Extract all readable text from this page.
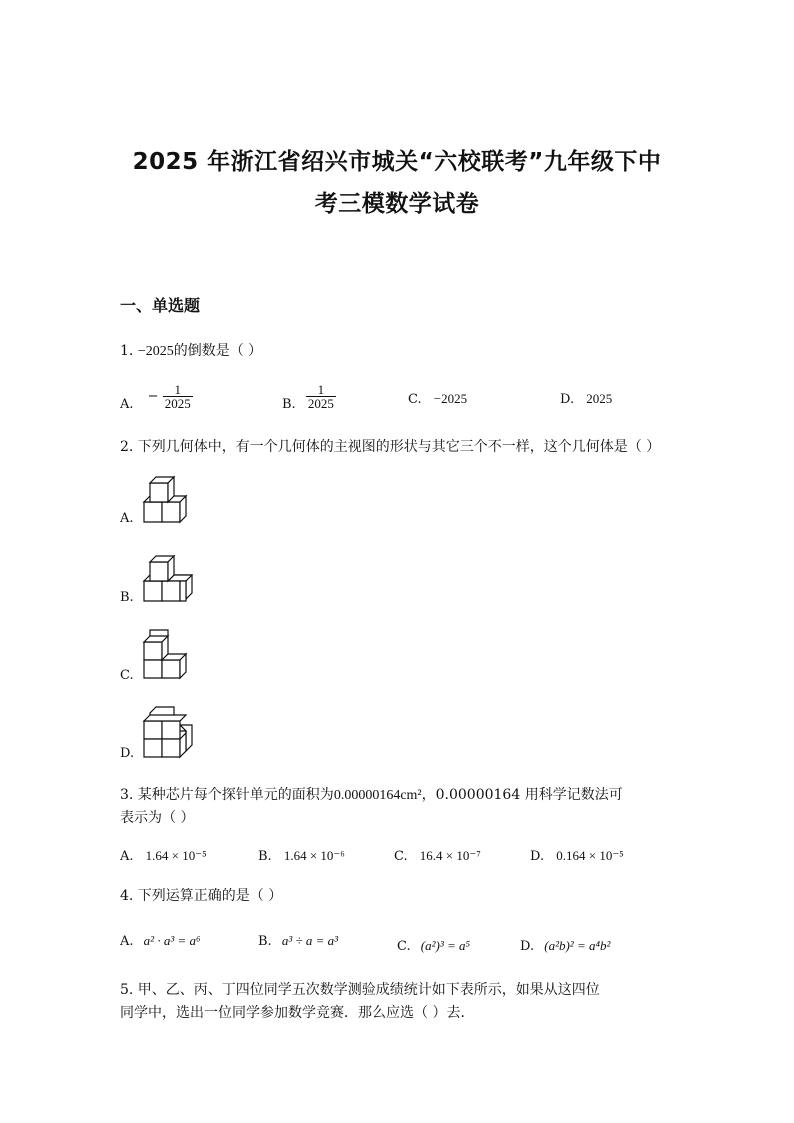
2025 年浙江省绍兴市城关“六校联考”九年级下中
考三模数学试卷
一、单选题
1. −2025的倒数是（ ）
A. − $\frac{1}{2025}$	B. $\frac{1}{2025}$	C. −2025	D. 2025
2. 下列几何体中，有一个几何体的主视图的形状与其它三个不一样，这个几何体是（ ）
A.
B.
C.
D.
3. 某种芯片每个探针单元的面积为0.00000164cm²，0.00000164 用科学记数法可
表示为（ ）
A. 1.64 × 10⁻⁵	B. 1.64 × 10⁻⁶	C. 16.4 × 10⁻⁷	D. 0.164 × 10⁻⁵
4. 下列运算正确的是（ ）
A. a² · a³ = a⁶	B. a³ ÷ a = a³	C. (a²)³ = a⁵	D. (a²b)² = a⁴b²
5. 甲、乙、丙、丁四位同学五次数学测验成绩统计如下表所示，如果从这四位
同学中，选出一位同学参加数学竞赛．那么应选（ ）去．
